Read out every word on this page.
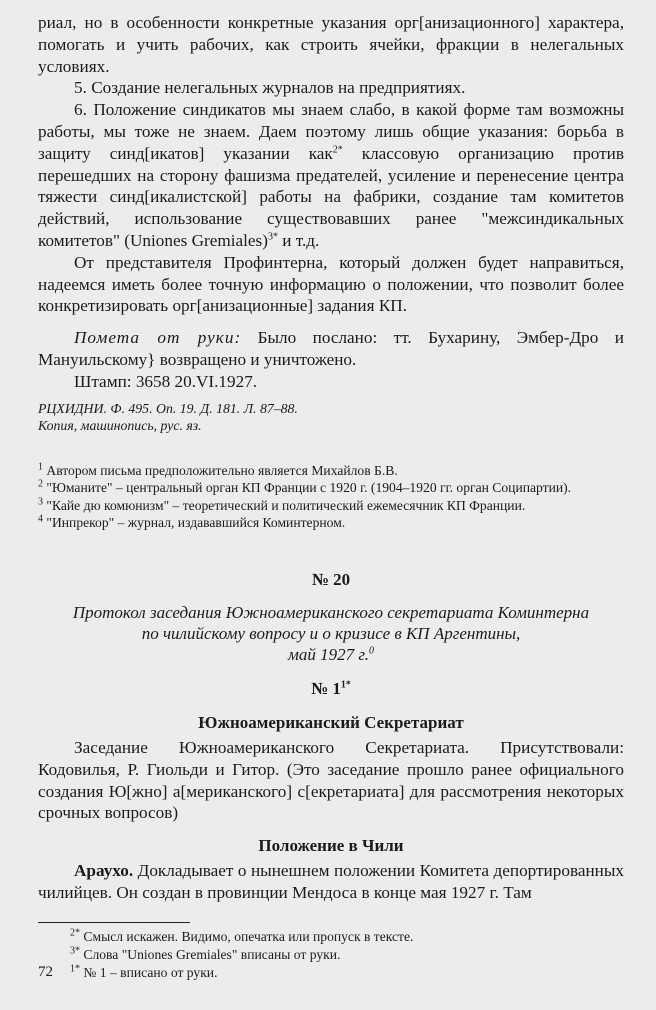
риал, но в особенности конкретные указания орг[анизационного] характера, помогать и учить рабочих, как строить ячейки, фракции в нелегальных условиях.

5. Создание нелегальных журналов на предприятиях.

6. Положение синдикатов мы знаем слабо, в какой форме там возможны работы, мы тоже не знаем. Даем поэтому лишь общие указания: борьба в защиту синд[икатов] указании как$^{2*}$ классовую организацию против перешедших на сторону фашизма предателей, усиление и перенесение центра тяжести синд[икалистской] работы на фабрики, создание там комитетов действий, использование существовавших ранее "межсиндикальных комитетов" (Uniones Gremiales)$^{3*}$ и т.д.

От представителя Профинтерна, который должен будет направиться, надеемся иметь более точную информацию о положении, что позволит более конкретизировать орг[анизационные] задания КП.

Помета от руки: Было послано: тт. Бухарину, Эмбер-Дро и Мануильскому} возвращено и уничтожено.

Штамп: 3658 20.VI.1927.

РЦХИДНИ. Ф. 495. Оп. 19. Д. 181. Л. 87–88.

Копия, машинопись, рус. яз.

$^1$ Автором письма предположительно является Михайлов Б.В.

$^2$ "Юманите" – центральный орган КП Франции с 1920 г. (1904–1920 гг. орган Соципартии).

$^3$ "Кайе дю комюнизм" – теоретический и политический ежемесячник КП Франции.

$^4$ "Инпрекор" – журнал, издававшийся Коминтерном.

№ 20

Протокол заседания Южноамериканского секретариата Коминтерна
по чилийскому вопросу и о кризисе в КП Аргентины,
май 1927 г.$^0$

№ $1^{1*}$

Южноамериканский Секретариат

Заседание Южноамериканского Секретариата. Присутствовали: Кодовилья, Р. Гиольди и Гитор. (Это заседание прошло ранее официального создания Ю[жно] а[мериканского] с[екретариата] для рассмотрения некоторых срочных вопросов)

Положение в Чили

Араухо. Докладывает о нынешнем положении Комитета депортированных чилийцев. Он создан в провинции Мендоса в конце мая 1927 г. Там

$^{2*}$ Смысл искажен. Видимо, опечатка или пропуск в тексте.

$^{3*}$ Слова "Uniones Gremiales" вписаны от руки.

$^{1*}$ № 1 – вписано от руки.

72
